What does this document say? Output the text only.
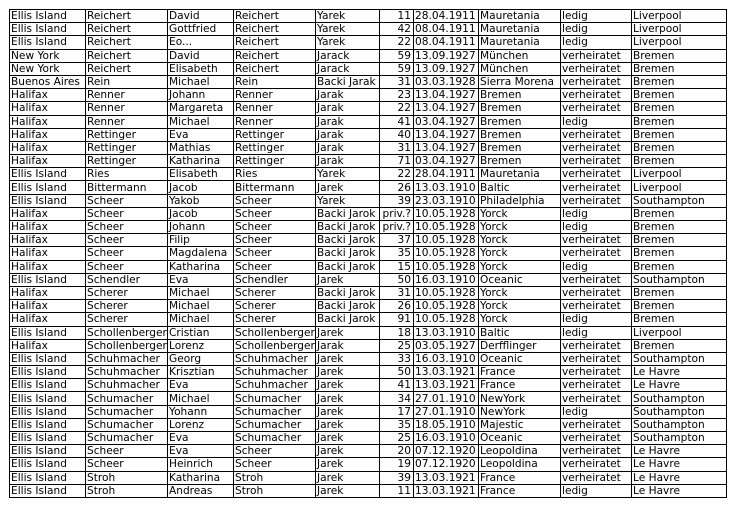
Ellis Island	Reichert	David	Reichert	Yarek	11	28.04.1911	Mauretania	ledig	Liverpool
Ellis Island	Reichert	Gottfried	Reichert	Yarek	42	08.04.1911	Mauretania	ledig	Liverpool
Ellis Island	Reichert	Eo...	Reichert	Yarek	22	08.04.1911	Mauretania	ledig	Liverpool
New York	Reichert	David	Reichert	Jarack	59	13.09.1927	München	verheiratet	Bremen
New York	Reichert	Elisabeth	Reichert	Jarack	59	13.09.1927	München	verheiratet	Bremen
Buenos Aires	Rein	Michael	Rein	Backi Jarak	31	03.03.1928	Sierra Morena	verheiratet	Bremen
Halifax	Renner	Johann	Renner	Jarak	23	13.04.1927	Bremen	verheiratet	Bremen
Halifax	Renner	Margareta	Renner	Jarak	22	13.04.1927	Bremen	verheiratet	Bremen
Halifax	Renner	Michael	Renner	Jarak	41	03.04.1927	Bremen	ledig	Bremen
Halifax	Rettinger	Eva	Rettinger	Jarak	40	13.04.1927	Bremen	verheiratet	Bremen
Halifax	Rettinger	Mathias	Rettinger	Jarak	31	13.04.1927	Bremen	verheiratet	Bremen
Halifax	Rettinger	Katharina	Rettinger	Jarak	71	03.04.1927	Bremen	verheiratet	Bremen
Ellis Island	Ries	Elisabeth	Ries	Yarek	22	28.04.1911	Mauretania	verheiratet	Liverpool
Ellis Island	Bittermann	Jacob	Bittermann	Jarek	26	13.03.1910	Baltic	verheiratet	Liverpool
Ellis Island	Scheer	Yakob	Scheer	Yarek	39	23.03.1910	Philadelphia	verheiratet	Southampton
Halifax	Scheer	Jacob	Scheer	Backi Jarok	priv.?	10.05.1928	Yorck	ledig	Bremen
Halifax	Scheer	Johann	Scheer	Backi Jarok	priv.?	10.05.1928	Yorck	ledig	Bremen
Halifax	Scheer	Filip	Scheer	Backi Jarok	37	10.05.1928	Yorck	verheiratet	Bremen
Halifax	Scheer	Magdalena	Scheer	Backi Jarok	35	10.05.1928	Yorck	verheiratet	Bremen
Halifax	Scheer	Katharina	Scheer	Backi Jarok	15	10.05.1928	Yorck	ledig	Bremen
Ellis Island	Schendler	Eva	Schendler	Jarek	50	16.03.1910	Oceanic	verheiratet	Southampton
Halifax	Scherer	Michael	Scherer	Backi Jarok	31	10.05.1928	Yorck	verheiratet	Bremen
Halifax	Scherer	Michael	Scherer	Backi Jarok	26	10.05.1928	Yorck	verheiratet	Bremen
Halifax	Scherer	Michael	Scherer	Backi Jarok	91	10.05.1928	Yorck	ledig	Bremen
Ellis Island	Schollenberger	Cristian	Schollenberger	Jarek	18	13.03.1910	Baltic	ledig	Liverpool
Halifax	Schollenberger	Lorenz	Schollenberger	Jarak	25	03.05.1927	Derfflinger	verheiratet	Bremen
Ellis Island	Schuhmacher	Georg	Schuhmacher	Jarek	33	16.03.1910	Oceanic	verheiratet	Southampton
Ellis Island	Schuhmacher	Krisztian	Schuhmacher	Jarek	50	13.03.1921	France	verheiratet	Le Havre
Ellis Island	Schuhmacher	Eva	Schuhmacher	Jarek	41	13.03.1921	France	verheiratet	Le Havre
Ellis Island	Schumacher	Michael	Schumacher	Jarek	34	27.01.1910	NewYork	verheiratet	Southampton
Ellis Island	Schumacher	Yohann	Schumacher	Jarek	17	27.01.1910	NewYork	ledig	Southampton
Ellis Island	Schumacher	Lorenz	Schumacher	Jarek	35	18.05.1910	Majestic	verheiratet	Southampton
Ellis Island	Schumacher	Eva	Schumacher	Jarek	25	16.03.1910	Oceanic	verheiratet	Southampton
Ellis Island	Scheer	Eva	Scheer	Jarek	20	07.12.1920	Leopoldina	verheiratet	Le Havre
Ellis Island	Scheer	Heinrich	Scheer	Jarek	19	07.12.1920	Leopoldina	verheiratet	Le Havre
Ellis Island	Stroh	Katharina	Stroh	Jarek	39	13.03.1921	France	verheiratet	Le Havre
Ellis Island	Stroh	Andreas	Stroh	Jarek	11	13.03.1921	France	ledig	Le Havre
